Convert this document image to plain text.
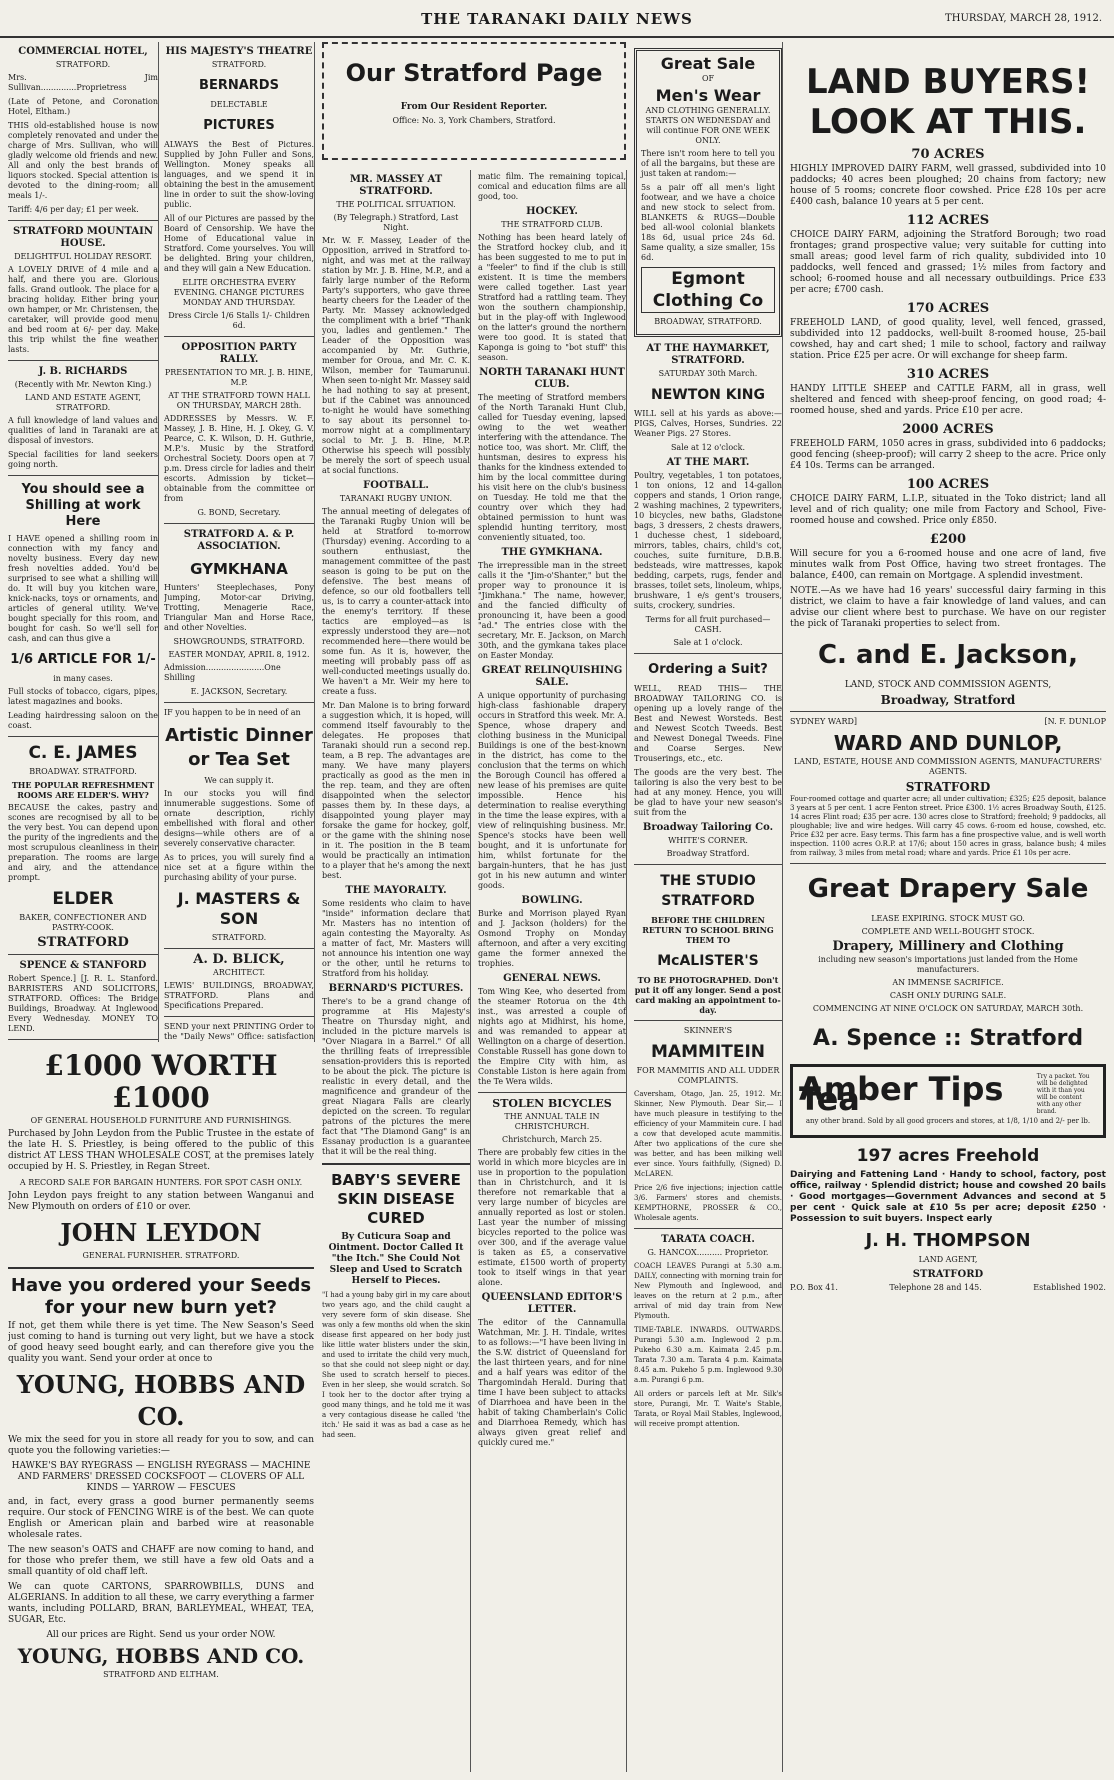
THE TARANAKI DAILY NEWS	THURSDAY, MARCH 28, 1912.
COMMERCIAL HOTEL,
STRATFORD.
Mrs. Jim Sullivan..............Proprietress
(Late of Petone, and Coronation Hotel, Eltham.)
THIS old-established house is now completely renovated and under the charge of Mrs. Sullivan, who will gladly welcome old friends and new. All and only the best brands of liquors stocked. Special attention is devoted to the dining-room; all meals 1/-.
Tariff: 4/6 per day; £1 per week.
STRATFORD MOUNTAIN HOUSE.
DELIGHTFUL HOLIDAY RESORT.
A LOVELY DRIVE of 4 mile and a half, and there you are. Glorious falls. Grand outlook. The place for a bracing holiday. Either bring your own hamper, or Mr. Christensen, the caretaker, will provide good menu and bed room at 6/- per day. Make this trip whilst the fine weather lasts.
J. B. RICHARDS
(Recently with Mr. Newton King.)
LAND AND ESTATE AGENT, STRATFORD.
A full knowledge of land values and qualities of land in Taranaki are at disposal of investors.
Special facilities for land seekers going north.
You should see a Shilling at work Here
I HAVE opened a shilling room in connection with my fancy and novelty business. Every day new fresh novelties added. You'd be surprised to see what a shilling will do. It will buy you kitchen ware, knick-nacks, toys or ornaments, and articles of general utility. We've bought specially for this room, and bought for cash. So we'll sell for cash, and can thus give a
1/6 ARTICLE FOR 1/-
in many cases.
Full stocks of tobacco, cigars, pipes, latest magazines and books.
Leading hairdressing saloon on the coast.
C. E. JAMES
BROADWAY. STRATFORD.
THE POPULAR REFRESHMENT ROOMS ARE ELDER'S. WHY?
BECAUSE the cakes, pastry and scones are recognised by all to be the very best. You can depend upon the purity of the ingredients and the most scrupulous cleanliness in their preparation. The rooms are large and airy, and the attendance prompt.
ELDER
BAKER, CONFECTIONER AND PASTRY-COOK.
STRATFORD
SPENCE & STANFORD
Robert Spence.] [J. R. L. Stanford. BARRISTERS AND SOLICITORS, STRATFORD. Offices: The Bridge Buildings, Broadway. At Inglewood Every Wednesday. MONEY TO LEND.
HIS MAJESTY'S THEATRE
STRATFORD.
BERNARDS
DELECTABLE
PICTURES
ALWAYS the Best of Pictures. Supplied by John Fuller and Sons, Wellington. Money speaks all languages, and we spend it in obtaining the best in the amusement line in order to suit the show-loving public.
All of our Pictures are passed by the Board of Censorship. We have the Home of Educational value in Stratford. Come yourselves. You will be delighted. Bring your children, and they will gain a New Education.
ELITE ORCHESTRA EVERY EVENING. CHANGE PICTURES MONDAY AND THURSDAY.
Dress Circle 1/6 Stalls 1/- Children 6d.
OPPOSITION PARTY RALLY.
PRESENTATION TO MR. J. B. HINE, M.P.
AT THE STRATFORD TOWN HALL ON THURSDAY, MARCH 28th.
ADDRESSES by Messrs. W. F. Massey, J. B. Hine, H. J. Okey, G. V. Pearce, C. K. Wilson, D. H. Guthrie, M.P.'s. Music by the Stratford Orchestral Society. Doors open at 7 p.m. Dress circle for ladies and their escorts. Admission by ticket—obtainable from the committee or from
G. BOND, Secretary.
STRATFORD A. & P. ASSOCIATION.
GYMKHANA
Hunters' Steeplechases, Pony Jumping, Motor-car Driving, Trotting, Menagerie Race, Triangular Man and Horse Race, and other Novelties.
SHOWGROUNDS, STRATFORD.
EASTER MONDAY, APRIL 8, 1912.
Admission.......................One Shilling
E. JACKSON, Secretary.
IF you happen to be in need of an
Artistic Dinner or Tea Set
We can supply it.
In our stocks you will find innumerable suggestions. Some of ornate description, richly embellished with floral and other designs—while others are of a severely conservative character.
As to prices, you will surely find a nice set at a figure within the purchasing ability of your purse.
J. MASTERS & SON
STRATFORD.
A. D. BLICK,
ARCHITECT.
LEWIS' BUILDINGS, BROADWAY, STRATFORD. Plans and Specifications Prepared.
SEND your next PRINTING Order to the "Daily News" Office: satisfaction
£1000 WORTH £1000
OF GENERAL HOUSEHOLD FURNITURE AND FURNISHINGS.
Purchased by John Leydon from the Public Trustee in the estate of the late H. S. Priestley, is being offered to the public of this district AT LESS THAN WHOLESALE COST, at the premises lately occupied by H. S. Priestley, in Regan Street.
A RECORD SALE FOR BARGAIN HUNTERS. FOR SPOT CASH ONLY.
John Leydon pays freight to any station between Wanganui and New Plymouth on orders of £10 or over.
JOHN LEYDON
GENERAL FURNISHER. STRATFORD.
Have you ordered your Seeds for your new burn yet?
If not, get them while there is yet time. The New Season's Seed just coming to hand is turning out very light, but we have a stock of good heavy seed bought early, and can therefore give you the quality you want. Send your order at once to
YOUNG, HOBBS AND CO.
We mix the seed for you in store all ready for you to sow, and can quote you the following varieties:—
HAWKE'S BAY RYEGRASS — ENGLISH RYEGRASS — MACHINE AND FARMERS' DRESSED COCKSFOOT — CLOVERS OF ALL KINDS — YARROW — FESCUES
and, in fact, every grass a good burner permanently seems require. Our stock of FENCING WIRE is of the best. We can quote English or American plain and barbed wire at reasonable wholesale rates.
The new season's OATS and CHAFF are now coming to hand, and for those who prefer them, we still have a few old Oats and a small quantity of old chaff left.
We can quote CARTONS, SPARROWBILLS, DUNS and ALGERIANS. In addition to all these, we carry everything a farmer wants, including POLLARD, BRAN, BARLEYMEAL, WHEAT, TEA, SUGAR, Etc.
All our prices are Right. Send us your order NOW.
YOUNG, HOBBS AND CO.
STRATFORD AND ELTHAM.
Our Stratford Page
From Our Resident Reporter.
Office: No. 3, York Chambers, Stratford.
MR. MASSEY AT STRATFORD.
THE POLITICAL SITUATION.
(By Telegraph.) Stratford, Last Night.
Mr. W. F. Massey, Leader of the Opposition, arrived in Stratford to-night, and was met at the railway station by Mr. J. B. Hine, M.P., and a fairly large number of the Reform Party's supporters, who gave three hearty cheers for the Leader of the Party. Mr. Massey acknowledged the compliment with a brief "Thank you, ladies and gentlemen." The Leader of the Opposition was accompanied by Mr. Guthrie, member for Oroua, and Mr. C. K. Wilson, member for Taumarunui. When seen to-night Mr. Massey said he had nothing to say at present, but if the Cabinet was announced to-night he would have something to say about its personnel to-morrow night at a complimentary social to Mr. J. B. Hine, M.P. Otherwise his speech will possibly be merely the sort of speech usual at social functions.
FOOTBALL.
TARANAKI RUGBY UNION.
The annual meeting of delegates of the Taranaki Rugby Union will be held at Stratford to-morrow (Thursday) evening. According to a southern enthusiast, the management committee of the past season is going to be put on the defensive. The best means of defence, so our old footballers tell us, is to carry a counter-attack into the enemy's territory. If these tactics are employed—as is expressly understood they are—not recommended here—there would be some fun. As it is, however, the meeting will probably pass off as well-conducted meetings usually do. We haven't a Mr. Weir my here to create a fuss.
Mr. Dan Malone is to bring forward a suggestion which, it is hoped, will commend itself favourably to the delegates. He proposes that Taranaki should run a second rep. team, a B rep. The advantages are many. We have many players practically as good as the men in the rep. team, and they are often disappointed when the selector passes them by. In these days, a disappointed young player may forsake the game for hockey, golf, or the game with the shining nose in it. The position in the B team would be practically an intimation to a player that he's among the next best.
THE MAYORALTY.
Some residents who claim to have "inside" information declare that Mr. Masters has no intention of again contesting the Mayoralty. As a matter of fact, Mr. Masters will not announce his intention one way or the other, until he returns to Stratford from his holiday.
BERNARD'S PICTURES.
There's to be a grand change of programme at His Majesty's Theatre on Thursday night, and included in the picture marvels is "Over Niagara in a Barrel." Of all the thrilling feats of irrepressible sensation-providers this is reported to be about the pick. The picture is realistic in every detail, and the magnificence and grandeur of the great Niagara Falls are clearly depicted on the screen. To regular patrons of the pictures the mere fact that "The Diamond Gang" is an Essanay production is a guarantee that it will be the real thing.
BABY'S SEVERE SKIN DISEASE CURED
By Cuticura Soap and Ointment. Doctor Called It "the Itch." She Could Not Sleep and Used to Scratch Herself to Pieces.
"I had a young baby girl in my care about two years ago, and the child caught a very severe form of skin disease. She was only a few months old when the skin disease first appeared on her body just like little water blisters under the skin, and used to irritate the child very much, so that she could not sleep night or day. She used to scratch herself to pieces. Even in her sleep, she would scratch. So I took her to the doctor after trying a good many things, and he told me it was a very contagious disease he called 'the itch.' He said it was as bad a case as he had seen.
matic film. The remaining topical, comical and education films are all good, too.
HOCKEY.
THE STRATFORD CLUB.
Nothing has been heard lately of the Stratford hockey club, and it has been suggested to me to put in a "feeler" to find if the club is still existent. It is time the members were called together. Last year Stratford had a rattling team. They won the southern championship, but in the play-off with Inglewood on the latter's ground the northern were too good. It is stated that Kaponga is going to "bot stuff" this season.
NORTH TARANAKI HUNT CLUB.
The meeting of Stratford members of the North Taranaki Hunt Club, called for Tuesday evening, lapsed owing to the wet weather interfering with the attendance. The notice too, was short. Mr. Cliff, the huntsman, desires to express his thanks for the kindness extended to him by the local committee during his visit here on the club's business on Tuesday. He told me that the country over which they had obtained permission to hunt was splendid hunting territory, most conveniently situated, too.
THE GYMKHANA.
The irrepressible man in the street calls it the "Jim-o'Shanter," but the proper way to pronounce it is "Jimkhana." The name, however, and the fancied difficulty of pronouncing it, have been a good "ad." The entries close with the secretary, Mr. E. Jackson, on March 30th, and the gymkana takes place on Easter Monday.
GREAT RELINQUISHING SALE.
A unique opportunity of purchasing high-class fashionable drapery occurs in Stratford this week. Mr. A. Spence, whose drapery and clothing business in the Municipal Buildings is one of the best-known in the district, has come to the conclusion that the terms on which the Borough Council has offered a new lease of his premises are quite impossible. Hence his determination to realise everything in the time the lease expires, with a view of relinquishing business. Mr. Spence's stocks have been well bought, and it is unfortunate for him, whilst fortunate for the bargain-hunters, that he has just got in his new autumn and winter goods.
BOWLING.
Burke and Morrison played Ryan and J. Jackson (holders) for the Osmond Trophy on Monday afternoon, and after a very exciting game the former annexed the trophies.
GENERAL NEWS.
Tom Wing Kee, who deserted from the steamer Rotorua on the 4th inst., was arrested a couple of nights ago at Midhirst, his home, and was remanded to appear at Wellington on a charge of desertion. Constable Russell has gone down to the Empire City with him, as Constable Liston is here again from the Te Wera wilds.
STOLEN BICYCLES
THE ANNUAL TALE IN CHRISTCHURCH.
Christchurch, March 25.
There are probably few cities in the world in which more bicycles are in use in proportion to the population than in Christchurch, and it is therefore not remarkable that a very large number of bicycles are annually reported as lost or stolen. Last year the number of missing bicycles reported to the police was over 300, and if the average value is taken as £5, a conservative estimate, £1500 worth of property took to itself wings in that year alone.
QUEENSLAND EDITOR'S LETTER.
The editor of the Cannamulla Watchman, Mr. J. H. Tindale, writes to as follows:—"I have been living in the S.W. district of Queensland for the last thirteen years, and for nine and a half years was editor of the Thargomindah Herald. During that time I have been subject to attacks of Diarrhoea and have been in the habit of taking Chamberlain's Colic and Diarrhoea Remedy, which has always given great relief and quickly cured me."
Great Sale
OF
Men's Wear
AND CLOTHING GENERALLY. STARTS ON WEDNESDAY and will continue FOR ONE WEEK ONLY.
There isn't room here to tell you of all the bargains, but these are just taken at random:—
5s a pair off all men's light footwear, and we have a choice and new stock to select from. BLANKETS & RUGS—Double bed all-wool colonial blankets 18s 6d, usual price 24s 6d. Same quality, a size smaller, 15s 6d.
Egmont Clothing Co
BROADWAY, STRATFORD.
AT THE HAYMARKET, STRATFORD.
SATURDAY 30th March.
NEWTON KING
WILL sell at his yards as above:— PIGS, Calves, Horses, Sundries. 22 Weaner Pigs. 27 Stores.
Sale at 12 o'clock.
AT THE MART.
Poultry, vegetables, 1 ton potatoes, 1 ton onions, 12 and 14-gallon coppers and stands, 1 Orion range, 2 washing machines, 2 typewriters, 10 bicycles, new baths, Gladstone bags, 3 dressers, 2 chests drawers, 1 duchesse chest, 1 sideboard, mirrors, tables, chairs, child's cot, couches, suite furniture, D.B.B. bedsteads, wire mattresses, kapok bedding, carpets, rugs, fender and brasses, toilet sets, linoleum, whips, brushware, 1 e/s gent's trousers, suits, crockery, sundries.
Terms for all fruit purchased—CASH.
Sale at 1 o'clock.
Ordering a Suit?
WELL, READ THIS— THE BROADWAY TAILORING CO. is opening up a lovely range of the Best and Newest Worsteds. Best and Newest Scotch Tweeds. Best and Newest Donegal Tweeds. Fine and Coarse Serges. New Trouserings, etc., etc.
The goods are the very best. The tailoring is also the very best to be had at any money. Hence, you will be glad to have your new season's suit from the
Broadway Tailoring Co.
WHITE'S CORNER.
Broadway Stratford.
THE STUDIO STRATFORD
BEFORE THE CHILDREN RETURN TO SCHOOL BRING THEM TO
McALISTER'S
TO BE PHOTOGRAPHED. Don't put it off any longer. Send a post card making an appointment to-day.
SKINNER'S
MAMMITEIN
FOR MAMMITIS AND ALL UDDER COMPLAINTS.
Caversham, Otago, Jan. 25, 1912. Mr. Skinner, New Plymouth. Dear Sir,— I have much pleasure in testifying to the efficiency of your Mammitein cure. I had a cow that developed acute mammitis. After two applications of the cure she was better, and has been milking well ever since. Yours faithfully, (Signed) D. McLAREN.
Price 2/6 five injections; injection cattle 3/6. Farmers' stores and chemists. KEMPTHORNE, PROSSER & CO., Wholesale agents.
TARATA COACH.
G. HANCOX.......... Proprietor.
COACH LEAVES Purangi at 5.30 a.m. DAILY, connecting with morning train for New Plymouth and Inglewood, and leaves on the return at 2 p.m., after arrival of mid day train from New Plymouth.
TIME-TABLE. INWARDS. OUTWARDS. Purangi 5.30 a.m. Inglewood 2 p.m. Pukeho 6.30 a.m. Kaimata 2.45 p.m. Tarata 7.30 a.m. Tarata 4 p.m. Kaimata 8.45 a.m. Pukeho 5 p.m. Inglewood 9.30 a.m. Purangi 6 p.m.
All orders or parcels left at Mr. Silk's store, Purangi, Mr. T. Waite's Stable, Tarata, or Royal Mail Stables, Inglewood, will receive prompt attention.
LAND BUYERS! LOOK AT THIS.
70 ACRES
HIGHLY IMPROVED DAIRY FARM, well grassed, subdivided into 10 paddocks; 40 acres been ploughed; 20 chains from factory; new house of 5 rooms; concrete floor cowshed. Price £28 10s per acre £400 cash, balance 10 years at 5 per cent.
112 ACRES
CHOICE DAIRY FARM, adjoining the Stratford Borough; two road frontages; grand prospective value; very suitable for cutting into small areas; good level farm of rich quality, subdivided into 10 paddocks, well fenced and grassed; 1½ miles from factory and school; 6-roomed house and all necessary outbuildings. Price £33 per acre; £700 cash.
170 ACRES
FREEHOLD LAND, of good quality, level, well fenced, grassed, subdivided into 12 paddocks, well-built 8-roomed house, 25-bail cowshed, hay and cart shed; 1 mile to school, factory and railway station. Price £25 per acre. Or will exchange for sheep farm.
310 ACRES
HANDY LITTLE SHEEP and CATTLE FARM, all in grass, well sheltered and fenced with sheep-proof fencing, on good road; 4-roomed house, shed and yards. Price £10 per acre.
2000 ACRES
FREEHOLD FARM, 1050 acres in grass, subdivided into 6 paddocks; good fencing (sheep-proof); will carry 2 sheep to the acre. Price only £4 10s. Terms can be arranged.
100 ACRES
CHOICE DAIRY FARM, L.I.P., situated in the Toko district; land all level and of rich quality; one mile from Factory and School, Five-roomed house and cowshed. Price only £850.
£200
Will secure for you a 6-roomed house and one acre of land, five minutes walk from Post Office, having two street frontages. The balance, £400, can remain on Mortgage. A splendid investment.
NOTE.—As we have had 16 years' successful dairy farming in this district, we claim to have a fair knowledge of land values, and can advise our client where best to purchase. We have on our register the pick of Taranaki properties to select from.
C. and E. Jackson,
LAND, STOCK AND COMMISSION AGENTS,
Broadway, Stratford
SYDNEY WARD]	[N. F. DUNLOP
WARD AND DUNLOP,
LAND, ESTATE, HOUSE AND COMMISSION AGENTS, MANUFACTURERS' AGENTS.
STRATFORD
Four-roomed cottage and quarter acre; all under cultivation; £325; £25 deposit, balance 3 years at 5 per cent. 1 acre Fenton street. Price £300. 1½ acres Broadway South, £125. 14 acres Flint road; £35 per acre. 130 acres close to Stratford; freehold; 9 paddocks, all ploughable; live and wire hedges. Will carry 45 cows. 6-room ed house, cowshed, etc. Price £32 per acre. Easy terms. This farm has a fine prospective value, and is well worth inspection. 1100 acres O.R.P. at 17/6; about 150 acres in grass, balance bush; 4 miles from railway, 3 miles from metal road; whare and yards. Price £1 10s per acre.
Great Drapery Sale
LEASE EXPIRING. STOCK MUST GO.
COMPLETE AND WELL-BOUGHT STOCK.
Drapery, Millinery and Clothing
including new season's importations just landed from the Home manufacturers.
AN IMMENSE SACRIFICE.
CASH ONLY DURING SALE.
COMMENCING AT NINE O'CLOCK ON SATURDAY, MARCH 30th.
A. Spence :: Stratford
Amber Tips Tea
Try a packet. You will be delighted with it than you will be content with any other brand.
any other brand. Sold by all good grocers and stores, at 1/8, 1/10 and 2/- per lb.
197 acres Freehold
Dairying and Fattening Land · Handy to school, factory, post office, railway · Splendid district; house and cowshed 20 bails · Good mortgages—Government Advances and second at 5 per cent · Quick sale at £10 5s per acre; deposit £250 · Possession to suit buyers. Inspect early
J. H. THOMPSON
LAND AGENT,
STRATFORD
P.O. Box 41.	Telephone 28 and 145.	Established 1902.
